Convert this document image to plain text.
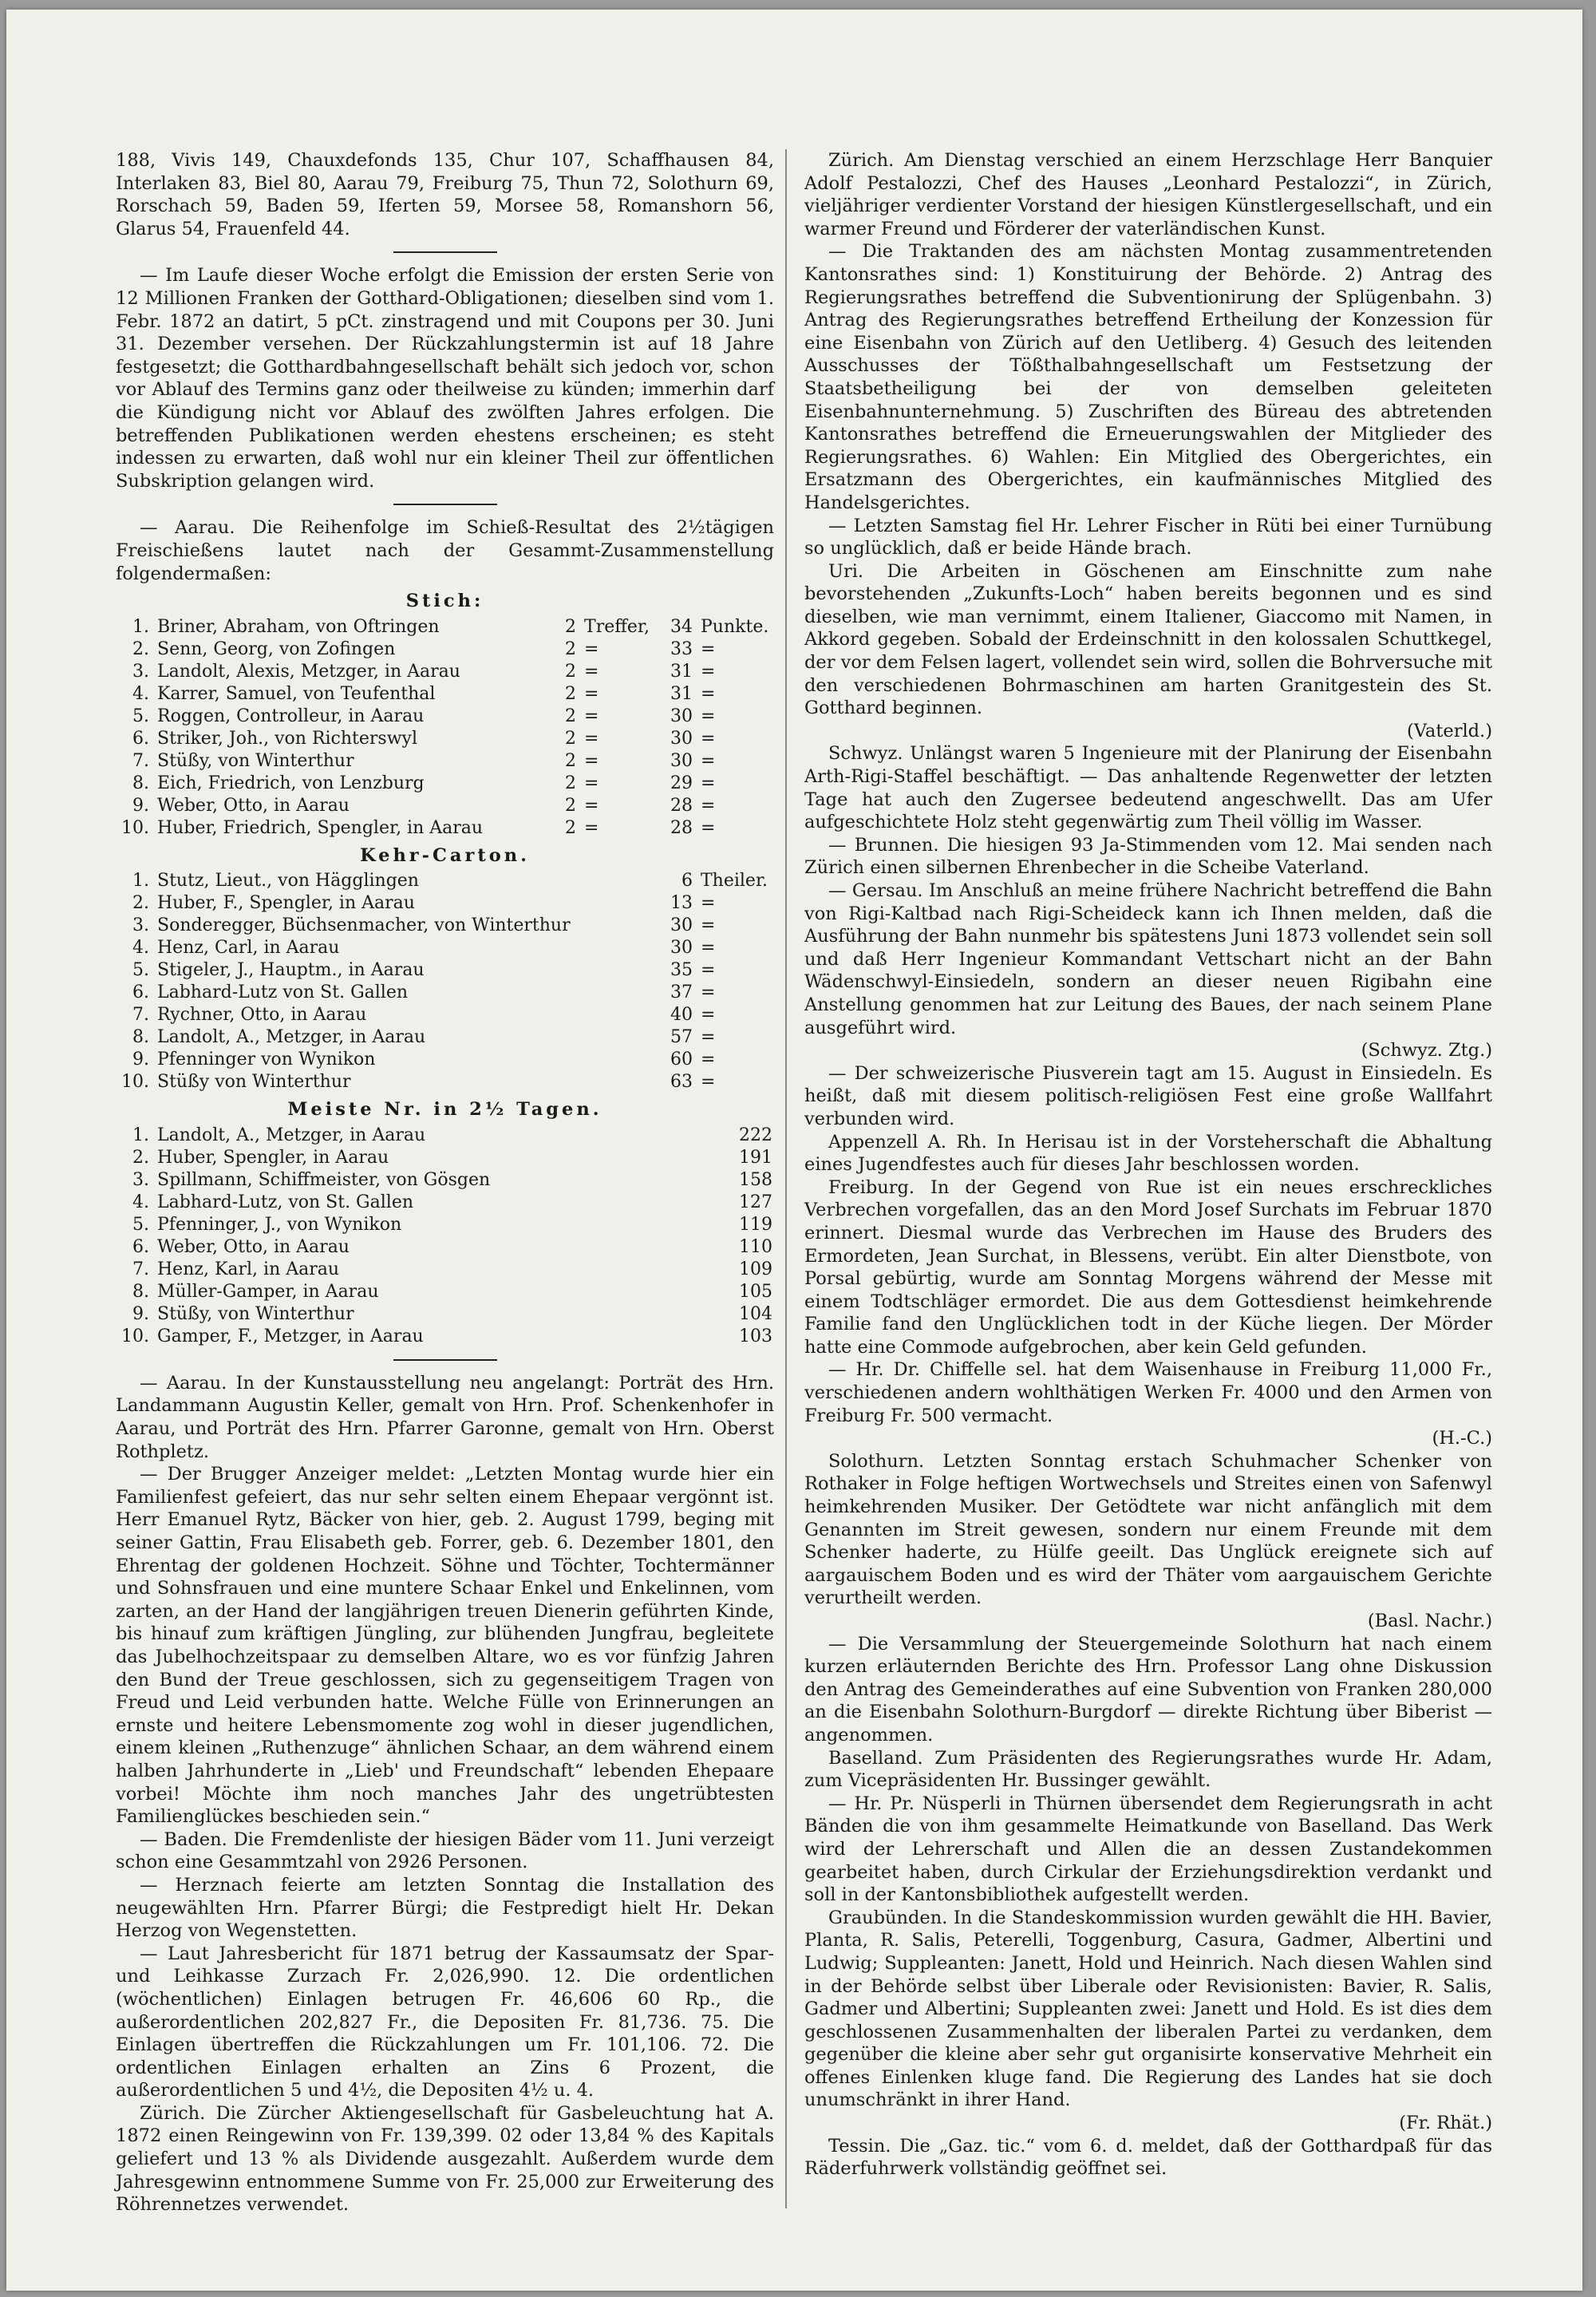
188, Vivis 149, Chauxdefonds 135, Chur 107, Schaffhausen 84, Interlaken 83, Biel 80, Aarau 79, Freiburg 75, Thun 72, Solothurn 69, Rorschach 59, Baden 59, Iferten 59, Morsee 58, Romanshorn 56, Glarus 54, Frauenfeld 44.

— Im Laufe dieser Woche erfolgt die Emission der ersten Serie von 12 Millionen Franken der Gotthard-Obligationen; dieselben sind vom 1. Febr. 1872 an datirt, 5 pCt. zinstragend und mit Coupons per 30. Juni 31. Dezember versehen. Der Rückzahlungstermin ist auf 18 Jahre festgesetzt; die Gotthardbahngesellschaft behält sich jedoch vor, schon vor Ablauf des Termins ganz oder theilweise zu künden; immerhin darf die Kündigung nicht vor Ablauf des zwölften Jahres erfolgen. Die betreffenden Publikationen werden ehestens erscheinen; es steht indessen zu erwarten, daß wohl nur ein kleiner Theil zur öffentlichen Subskription gelangen wird.

— Aarau. Die Reihenfolge im Schieß-Resultat des 2½tägigen Freischießens lautet nach der Gesammt-Zusammenstellung folgendermaßen:

Stich:
1.	Briner, Abraham, von Oftringen	2	Treffer,	34	Punkte.
2.	Senn, Georg, von Zofingen	2	=	33	=
3.	Landolt, Alexis, Metzger, in Aarau	2	=	31	=
4.	Karrer, Samuel, von Teufenthal	2	=	31	=
5.	Roggen, Controlleur, in Aarau	2	=	30	=
6.	Striker, Joh., von Richterswyl	2	=	30	=
7.	Stüßy, von Winterthur	2	=	30	=
8.	Eich, Friedrich, von Lenzburg	2	=	29	=
9.	Weber, Otto, in Aarau	2	=	28	=
10.	Huber, Friedrich, Spengler, in Aarau	2	=	28	=
Kehr-Carton.
1.	Stutz, Lieut., von Hägglingen	6	Theiler.
2.	Huber, F., Spengler, in Aarau	13	=
3.	Sonderegger, Büchsenmacher, von Winterthur	30	=
4.	Henz, Carl, in Aarau	30	=
5.	Stigeler, J., Hauptm., in Aarau	35	=
6.	Labhard-Lutz von St. Gallen	37	=
7.	Rychner, Otto, in Aarau	40	=
8.	Landolt, A., Metzger, in Aarau	57	=
9.	Pfenninger von Wynikon	60	=
10.	Stüßy von Winterthur	63	=
Meiste Nr. in 2½ Tagen.
1.	Landolt, A., Metzger, in Aarau	222
2.	Huber, Spengler, in Aarau	191
3.	Spillmann, Schiffmeister, von Gösgen	158
4.	Labhard-Lutz, von St. Gallen	127
5.	Pfenninger, J., von Wynikon	119
6.	Weber, Otto, in Aarau	110
7.	Henz, Karl, in Aarau	109
8.	Müller-Gamper, in Aarau	105
9.	Stüßy, von Winterthur	104
10.	Gamper, F., Metzger, in Aarau	103

— Aarau. In der Kunstausstellung neu angelangt: Porträt des Hrn. Landammann Augustin Keller, gemalt von Hrn. Prof. Schenkenhofer in Aarau, und Porträt des Hrn. Pfarrer Garonne, gemalt von Hrn. Oberst Rothpletz.

— Der Brugger Anzeiger meldet: „Letzten Montag wurde hier ein Familienfest gefeiert, das nur sehr selten einem Ehepaar vergönnt ist. Herr Emanuel Rytz, Bäcker von hier, geb. 2. August 1799, beging mit seiner Gattin, Frau Elisabeth geb. Forrer, geb. 6. Dezember 1801, den Ehrentag der goldenen Hochzeit. Söhne und Töchter, Tochtermänner und Sohnsfrauen und eine muntere Schaar Enkel und Enkelinnen, vom zarten, an der Hand der langjährigen treuen Dienerin geführten Kinde, bis hinauf zum kräftigen Jüngling, zur blühenden Jungfrau, begleitete das Jubelhochzeitspaar zu demselben Altare, wo es vor fünfzig Jahren den Bund der Treue geschlossen, sich zu gegenseitigem Tragen von Freud und Leid verbunden hatte. Welche Fülle von Erinnerungen an ernste und heitere Lebensmomente zog wohl in dieser jugendlichen, einem kleinen „Ruthenzuge“ ähnlichen Schaar, an dem während einem halben Jahrhunderte in „Lieb' und Freundschaft“ lebenden Ehepaare vorbei! Möchte ihm noch manches Jahr des ungetrübtesten Familienglückes beschieden sein.“

— Baden. Die Fremdenliste der hiesigen Bäder vom 11. Juni verzeigt schon eine Gesammtzahl von 2926 Personen.

— Herznach feierte am letzten Sonntag die Installation des neugewählten Hrn. Pfarrer Bürgi; die Festpredigt hielt Hr. Dekan Herzog von Wegenstetten.

— Laut Jahresbericht für 1871 betrug der Kassaumsatz der Spar- und Leihkasse Zurzach Fr. 2,026,990. 12. Die ordentlichen (wöchentlichen) Einlagen betrugen Fr. 46,606 60 Rp., die außerordentlichen 202,827 Fr., die Depositen Fr. 81,736. 75. Die Einlagen übertreffen die Rückzahlungen um Fr. 101,106. 72. Die ordentlichen Einlagen erhalten an Zins 6 Prozent, die außerordentlichen 5 und 4½, die Depositen 4½ u. 4.

Zürich. Die Zürcher Aktiengesellschaft für Gasbeleuchtung hat A. 1872 einen Reingewinn von Fr. 139,399. 02 oder 13,84 % des Kapitals geliefert und 13 % als Dividende ausgezahlt. Außerdem wurde dem Jahresgewinn entnommene Summe von Fr. 25,000 zur Erweiterung des Röhrennetzes verwendet.

Zürich. Am Dienstag verschied an einem Herzschlage Herr Banquier Adolf Pestalozzi, Chef des Hauses „Leonhard Pestalozzi“, in Zürich, vieljähriger verdienter Vorstand der hiesigen Künstlergesellschaft, und ein warmer Freund und Förderer der vaterländischen Kunst.

— Die Traktanden des am nächsten Montag zusammentretenden Kantonsrathes sind: 1) Konstituirung der Behörde. 2) Antrag des Regierungsrathes betreffend die Subventionirung der Splügenbahn. 3) Antrag des Regierungsrathes betreffend Ertheilung der Konzession für eine Eisenbahn von Zürich auf den Uetliberg. 4) Gesuch des leitenden Ausschusses der Tößthalbahngesellschaft um Festsetzung der Staatsbetheiligung bei der von demselben geleiteten Eisenbahnunternehmung. 5) Zuschriften des Büreau des abtretenden Kantonsrathes betreffend die Erneuerungswahlen der Mitglieder des Regierungsrathes. 6) Wahlen: Ein Mitglied des Obergerichtes, ein Ersatzmann des Obergerichtes, ein kaufmännisches Mitglied des Handelsgerichtes.

— Letzten Samstag fiel Hr. Lehrer Fischer in Rüti bei einer Turnübung so unglücklich, daß er beide Hände brach.

Uri. Die Arbeiten in Göschenen am Einschnitte zum nahe bevorstehenden „Zukunfts-Loch“ haben bereits begonnen und es sind dieselben, wie man vernimmt, einem Italiener, Giaccomo mit Namen, in Akkord gegeben. Sobald der Erdeinschnitt in den kolossalen Schuttkegel, der vor dem Felsen lagert, vollendet sein wird, sollen die Bohrversuche mit den verschiedenen Bohrmaschinen am harten Granitgestein des St. Gotthard beginnen.

(Vaterld.)

Schwyz. Unlängst waren 5 Ingenieure mit der Planirung der Eisenbahn Arth-Rigi-Staffel beschäftigt. — Das anhaltende Regenwetter der letzten Tage hat auch den Zugersee bedeutend angeschwellt. Das am Ufer aufgeschichtete Holz steht gegenwärtig zum Theil völlig im Wasser.

— Brunnen. Die hiesigen 93 Ja-Stimmenden vom 12. Mai senden nach Zürich einen silbernen Ehrenbecher in die Scheibe Vaterland.

— Gersau. Im Anschluß an meine frühere Nachricht betreffend die Bahn von Rigi-Kaltbad nach Rigi-Scheideck kann ich Ihnen melden, daß die Ausführung der Bahn nunmehr bis spätestens Juni 1873 vollendet sein soll und daß Herr Ingenieur Kommandant Vettschart nicht an der Bahn Wädenschwyl-Einsiedeln, sondern an dieser neuen Rigibahn eine Anstellung genommen hat zur Leitung des Baues, der nach seinem Plane ausgeführt wird.

(Schwyz. Ztg.)

— Der schweizerische Piusverein tagt am 15. August in Einsiedeln. Es heißt, daß mit diesem politisch-religiösen Fest eine große Wallfahrt verbunden wird.

Appenzell A. Rh. In Herisau ist in der Vorsteherschaft die Abhaltung eines Jugendfestes auch für dieses Jahr beschlossen worden.

Freiburg. In der Gegend von Rue ist ein neues erschreckliches Verbrechen vorgefallen, das an den Mord Josef Surchats im Februar 1870 erinnert. Diesmal wurde das Verbrechen im Hause des Bruders des Ermordeten, Jean Surchat, in Blessens, verübt. Ein alter Dienstbote, von Porsal gebürtig, wurde am Sonntag Morgens während der Messe mit einem Todtschläger ermordet. Die aus dem Gottesdienst heimkehrende Familie fand den Unglücklichen todt in der Küche liegen. Der Mörder hatte eine Commode aufgebrochen, aber kein Geld gefunden.

— Hr. Dr. Chiffelle sel. hat dem Waisenhause in Freiburg 11,000 Fr., verschiedenen andern wohlthätigen Werken Fr. 4000 und den Armen von Freiburg Fr. 500 vermacht.

(H.-C.)

Solothurn. Letzten Sonntag erstach Schuhmacher Schenker von Rothaker in Folge heftigen Wortwechsels und Streites einen von Safenwyl heimkehrenden Musiker. Der Getödtete war nicht anfänglich mit dem Genannten im Streit gewesen, sondern nur einem Freunde mit dem Schenker haderte, zu Hülfe geeilt. Das Unglück ereignete sich auf aargauischem Boden und es wird der Thäter vom aargauischem Gerichte verurtheilt werden.

(Basl. Nachr.)

— Die Versammlung der Steuergemeinde Solothurn hat nach einem kurzen erläuternden Berichte des Hrn. Professor Lang ohne Diskussion den Antrag des Gemeinderathes auf eine Subvention von Franken 280,000 an die Eisenbahn Solothurn-Burgdorf — direkte Richtung über Biberist — angenommen.

Baselland. Zum Präsidenten des Regierungsrathes wurde Hr. Adam, zum Vicepräsidenten Hr. Bussinger gewählt.

— Hr. Pr. Nüsperli in Thürnen übersendet dem Regierungsrath in acht Bänden die von ihm gesammelte Heimatkunde von Baselland. Das Werk wird der Lehrerschaft und Allen die an dessen Zustandekommen gearbeitet haben, durch Cirkular der Erziehungsdirektion verdankt und soll in der Kantonsbibliothek aufgestellt werden.

Graubünden. In die Standeskommission wurden gewählt die HH. Bavier, Planta, R. Salis, Peterelli, Toggenburg, Casura, Gadmer, Albertini und Ludwig; Suppleanten: Janett, Hold und Heinrich. Nach diesen Wahlen sind in der Behörde selbst über Liberale oder Revisionisten: Bavier, R. Salis, Gadmer und Albertini; Suppleanten zwei: Janett und Hold. Es ist dies dem geschlossenen Zusammenhalten der liberalen Partei zu verdanken, dem gegenüber die kleine aber sehr gut organisirte konservative Mehrheit ein offenes Einlenken kluge fand. Die Regierung des Landes hat sie doch unumschränkt in ihrer Hand.

(Fr. Rhät.)

Tessin. Die „Gaz. tic.“ vom 6. d. meldet, daß der Gotthardpaß für das Räderfuhrwerk vollständig geöffnet sei.
